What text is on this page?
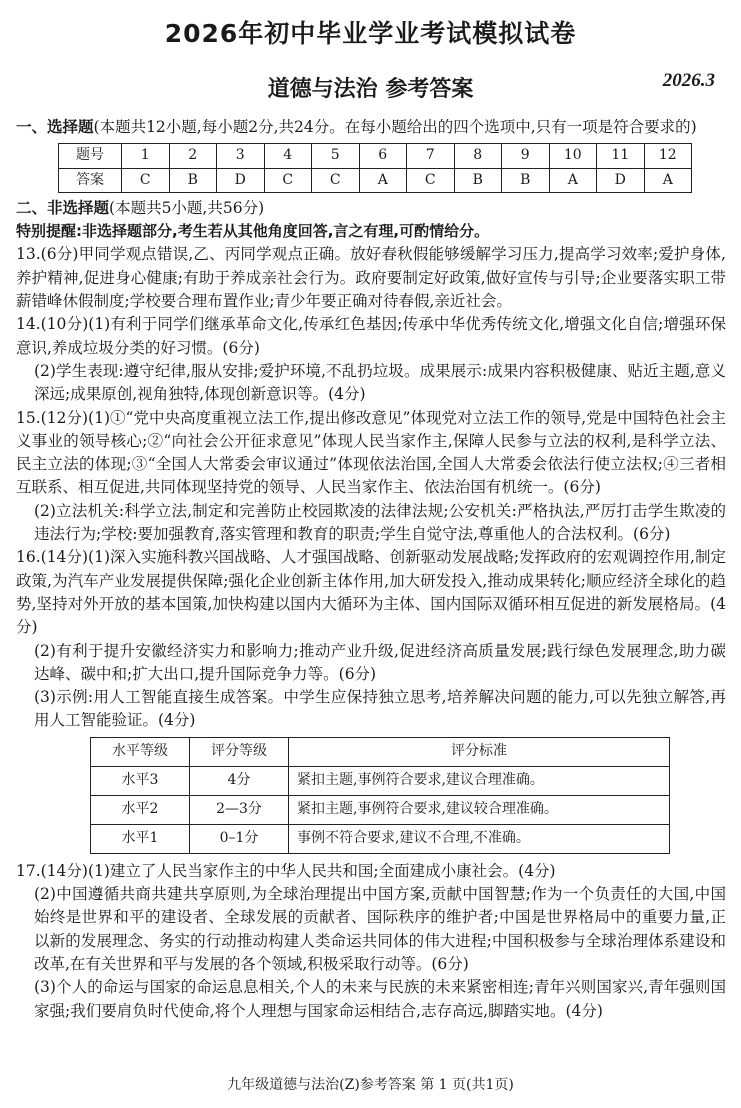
2026年初中毕业学业考试模拟试卷
道德与法治 参考答案	2026.3

一、选择题(本题共12小题,每小题2分,共24分。在每小题给出的四个选项中,只有一项是符合要求的)

题号	1	2	3	4	5	6	7	8	9	10	11	12
答案	C	B	D	C	C	A	C	B	B	A	D	A

二、非选择题(本题共5小题,共56分)

特别提醒:非选择题部分,考生若从其他角度回答,言之有理,可酌情给分。

13.(6分)甲同学观点错误,乙、丙同学观点正确。放好春秋假能够缓解学习压力,提高学习效率;爱护身体,养护精神,促进身心健康;有助于养成亲社会行为。政府要制定好政策,做好宣传与引导;企业要落实职工带薪错峰休假制度;学校要合理布置作业;青少年要正确对待春假,亲近社会。

14.(10分)(1)有利于同学们继承革命文化,传承红色基因;传承中华优秀传统文化,增强文化自信;增强环保意识,养成垃圾分类的好习惯。(6分)

(2)学生表现:遵守纪律,服从安排;爱护环境,不乱扔垃圾。成果展示:成果内容积极健康、贴近主题,意义深远;成果原创,视角独特,体现创新意识等。(4分)

15.(12分)(1)①“党中央高度重视立法工作,提出修改意见”体现党对立法工作的领导,党是中国特色社会主义事业的领导核心;②“向社会公开征求意见”体现人民当家作主,保障人民参与立法的权利,是科学立法、民主立法的体现;③“全国人大常委会审议通过”体现依法治国,全国人大常委会依法行使立法权;④三者相互联系、相互促进,共同体现坚持党的领导、人民当家作主、依法治国有机统一。(6分)

(2)立法机关:科学立法,制定和完善防止校园欺凌的法律法规;公安机关:严格执法,严厉打击学生欺凌的违法行为;学校:要加强教育,落实管理和教育的职责;学生自觉守法,尊重他人的合法权利。(6分)

16.(14分)(1)深入实施科教兴国战略、人才强国战略、创新驱动发展战略;发挥政府的宏观调控作用,制定政策,为汽车产业发展提供保障;强化企业创新主体作用,加大研发投入,推动成果转化;顺应经济全球化的趋势,坚持对外开放的基本国策,加快构建以国内大循环为主体、国内国际双循环相互促进的新发展格局。(4分)

(2)有利于提升安徽经济实力和影响力;推动产业升级,促进经济高质量发展;践行绿色发展理念,助力碳达峰、碳中和;扩大出口,提升国际竞争力等。(6分)

(3)示例:用人工智能直接生成答案。中学生应保持独立思考,培养解决问题的能力,可以先独立解答,再用人工智能验证。(4分)

水平等级	评分等级	评分标准
水平3	4分	紧扣主题,事例符合要求,建议合理准确。
水平2	2—3分	紧扣主题,事例符合要求,建议较合理准确。
水平1	0–1分	事例不符合要求,建议不合理,不准确。

17.(14分)(1)建立了人民当家作主的中华人民共和国;全面建成小康社会。(4分)

(2)中国遵循共商共建共享原则,为全球治理提出中国方案,贡献中国智慧;作为一个负责任的大国,中国始终是世界和平的建设者、全球发展的贡献者、国际秩序的维护者;中国是世界格局中的重要力量,正以新的发展理念、务实的行动推动构建人类命运共同体的伟大进程;中国积极参与全球治理体系建设和改革,在有关世界和平与发展的各个领域,积极采取行动等。(6分)

(3)个人的命运与国家的命运息息相关,个人的未来与民族的未来紧密相连;青年兴则国家兴,青年强则国家强;我们要肩负时代使命,将个人理想与国家命运相结合,志存高远,脚踏实地。(4分)

九年级道德与法治(Z)参考答案 第 1 页(共1页)
